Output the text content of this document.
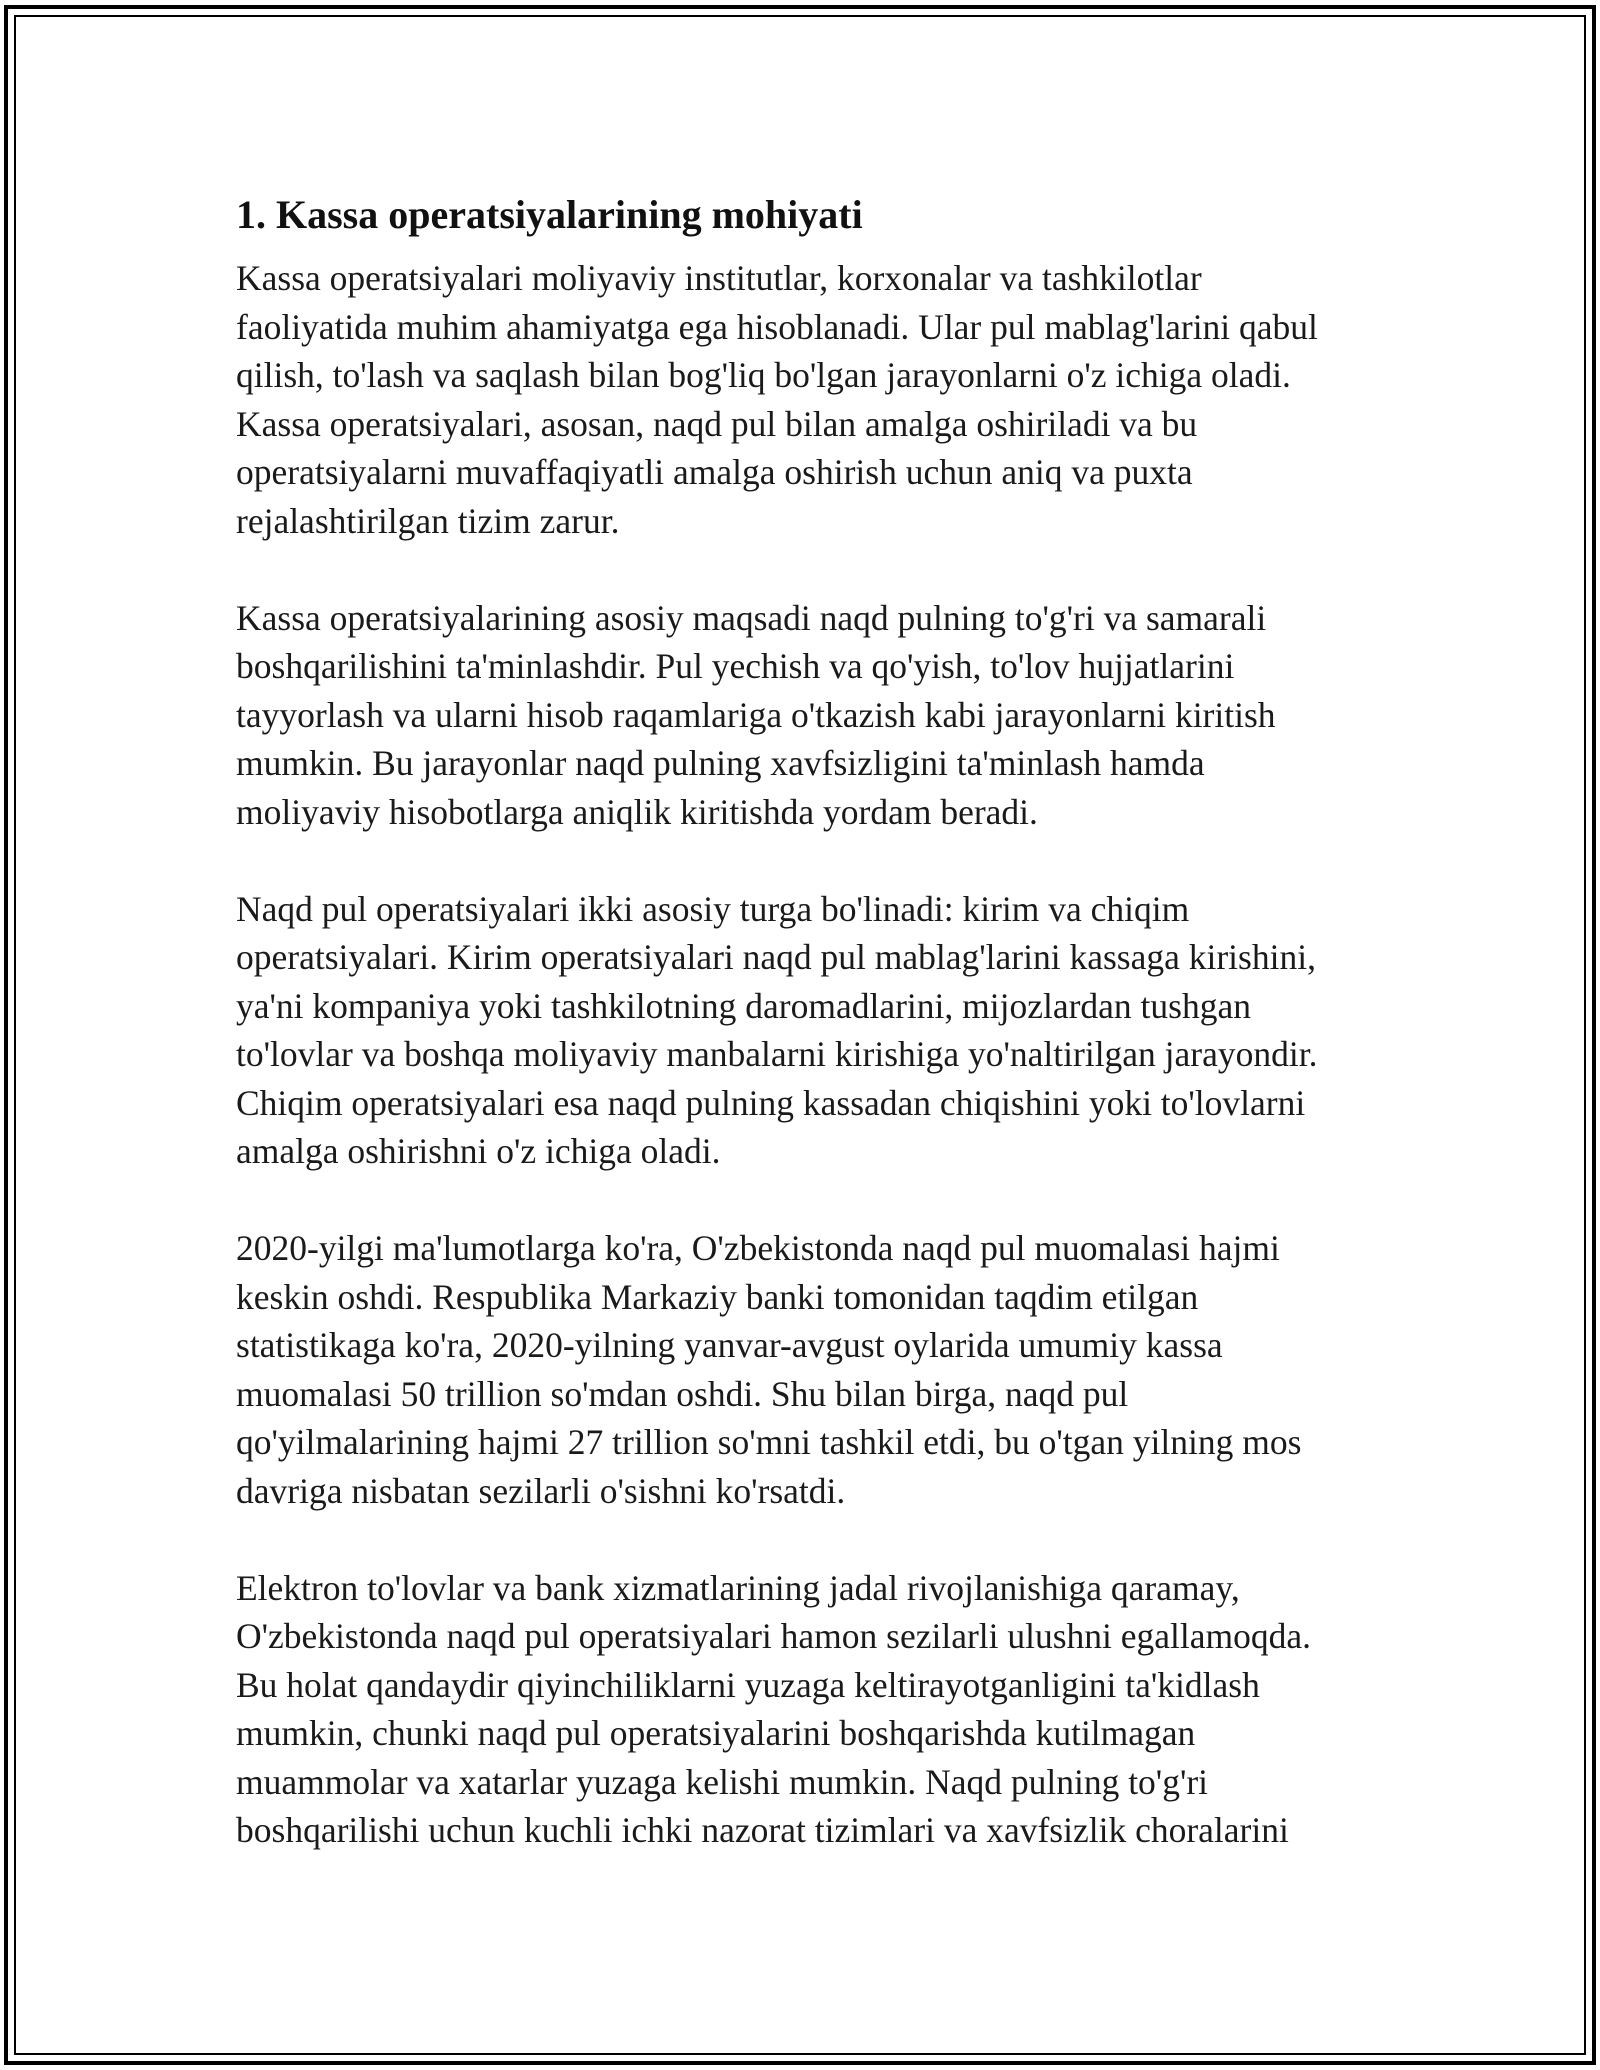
1. Kassa operatsiyalarining mohiyati

Kassa operatsiyalari moliyaviy institutlar, korxonalar va tashkilotlar
faoliyatida muhim ahamiyatga ega hisoblanadi. Ular pul mablag'larini qabul
qilish, to'lash va saqlash bilan bog'liq bo'lgan jarayonlarni o'z ichiga oladi.
Kassa operatsiyalari, asosan, naqd pul bilan amalga oshiriladi va bu
operatsiyalarni muvaffaqiyatli amalga oshirish uchun aniq va puxta
rejalashtirilgan tizim zarur.

Kassa operatsiyalarining asosiy maqsadi naqd pulning to'g'ri va samarali
boshqarilishini ta'minlashdir. Pul yechish va qo'yish, to'lov hujjatlarini
tayyorlash va ularni hisob raqamlariga o'tkazish kabi jarayonlarni kiritish
mumkin. Bu jarayonlar naqd pulning xavfsizligini ta'minlash hamda
moliyaviy hisobotlarga aniqlik kiritishda yordam beradi.

Naqd pul operatsiyalari ikki asosiy turga bo'linadi: kirim va chiqim
operatsiyalari. Kirim operatsiyalari naqd pul mablag'larini kassaga kirishini,
ya'ni kompaniya yoki tashkilotning daromadlarini, mijozlardan tushgan
to'lovlar va boshqa moliyaviy manbalarni kirishiga yo'naltirilgan jarayondir.
Chiqim operatsiyalari esa naqd pulning kassadan chiqishini yoki to'lovlarni
amalga oshirishni o'z ichiga oladi.

2020-yilgi ma'lumotlarga ko'ra, O'zbekistonda naqd pul muomalasi hajmi
keskin oshdi. Respublika Markaziy banki tomonidan taqdim etilgan
statistikaga ko'ra, 2020-yilning yanvar-avgust oylarida umumiy kassa
muomalasi 50 trillion so'mdan oshdi. Shu bilan birga, naqd pul
qo'yilmalarining hajmi 27 trillion so'mni tashkil etdi, bu o'tgan yilning mos
davriga nisbatan sezilarli o'sishni ko'rsatdi.

Elektron to'lovlar va bank xizmatlarining jadal rivojlanishiga qaramay,
O'zbekistonda naqd pul operatsiyalari hamon sezilarli ulushni egallamoqda.
Bu holat qandaydir qiyinchiliklarni yuzaga keltirayotganligini ta'kidlash
mumkin, chunki naqd pul operatsiyalarini boshqarishda kutilmagan
muammolar va xatarlar yuzaga kelishi mumkin. Naqd pulning to'g'ri
boshqarilishi uchun kuchli ichki nazorat tizimlari va xavfsizlik choralarini
